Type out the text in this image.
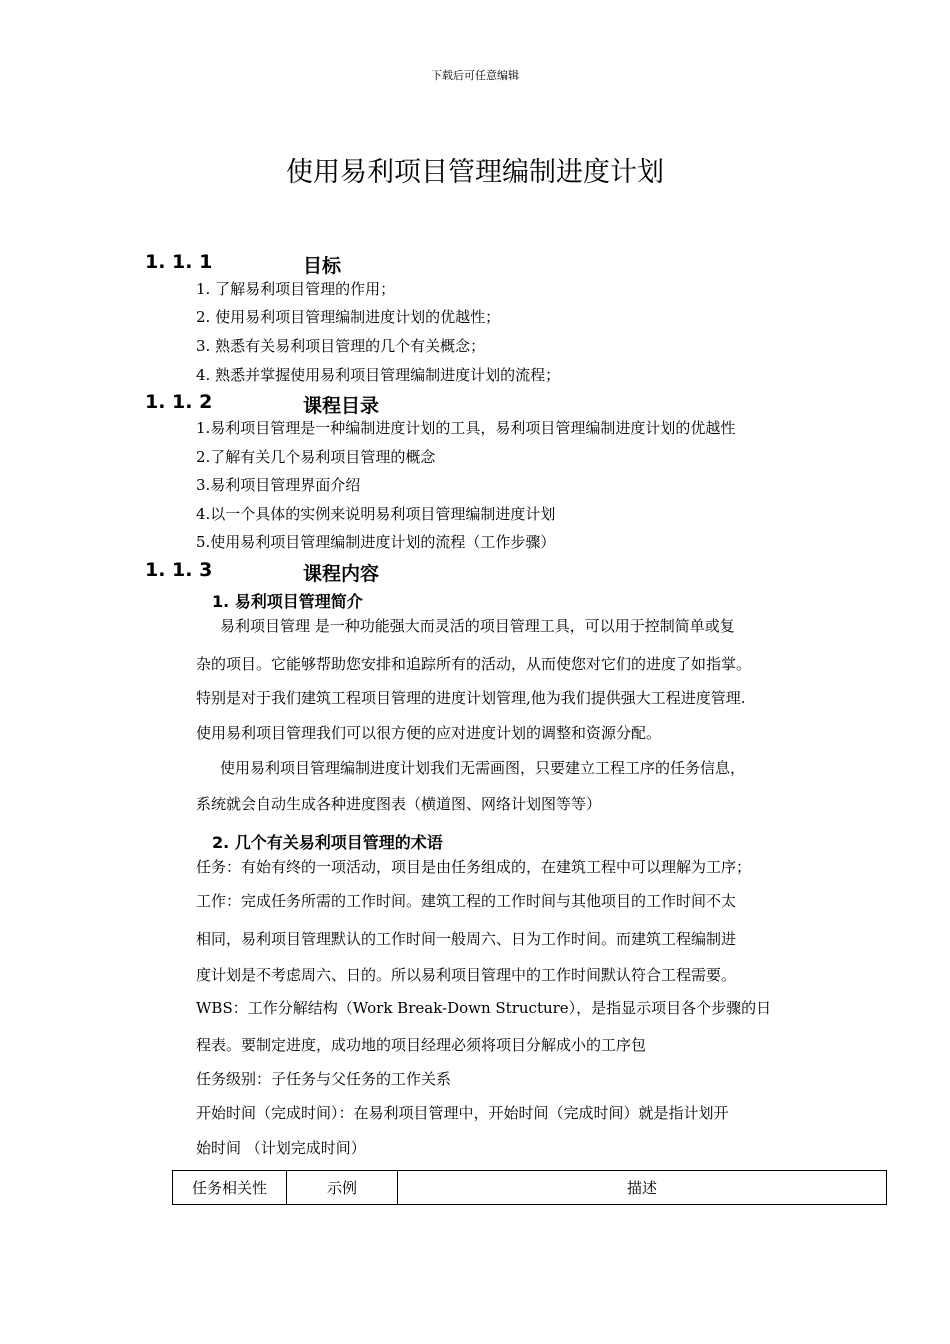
下载后可任意编辑
使用易利项目管理编制进度计划
1. 1. 1	目标
1. 了解易利项目管理的作用；
2. 使用易利项目管理编制进度计划的优越性；
3. 熟悉有关易利项目管理的几个有关概念；
4. 熟悉并掌握使用易利项目管理编制进度计划的流程；
1. 1. 2	课程目录
1.易利项目管理是一种编制进度计划的工具，易利项目管理编制进度计划的优越性
2.了解有关几个易利项目管理的概念
3.易利项目管理界面介绍
4.以一个具体的实例来说明易利项目管理编制进度计划
5.使用易利项目管理编制进度计划的流程（工作步骤）
1. 1. 3	课程内容
1. 易利项目管理简介
易利项目管理 是一种功能强大而灵活的项目管理工具，可以用于控制简单或复
杂的项目。它能够帮助您安排和追踪所有的活动，从而使您对它们的进度了如指掌。
特别是对于我们建筑工程项目管理的进度计划管理,他为我们提供强大工程进度管理.
使用易利项目管理我们可以很方便的应对进度计划的调整和资源分配。
使用易利项目管理编制进度计划我们无需画图，只要建立工程工序的任务信息，
系统就会自动生成各种进度图表（横道图、网络计划图等等）
2. 几个有关易利项目管理的术语
任务：有始有终的一项活动，项目是由任务组成的，在建筑工程中可以理解为工序；
工作：完成任务所需的工作时间。建筑工程的工作时间与其他项目的工作时间不太
相同，易利项目管理默认的工作时间一般周六、日为工作时间。而建筑工程编制进
度计划是不考虑周六、日的。所以易利项目管理中的工作时间默认符合工程需要。
WBS：工作分解结构（Work Break-Down Structure），是指显示项目各个步骤的日
程表。要制定进度，成功地的项目经理必须将项目分解成小的工序包
任务级别：子任务与父任务的工作关系
开始时间（完成时间）：在易利项目管理中，开始时间（完成时间）就是指计划开
始时间 （计划完成时间）
任务相关性	示例	描述
